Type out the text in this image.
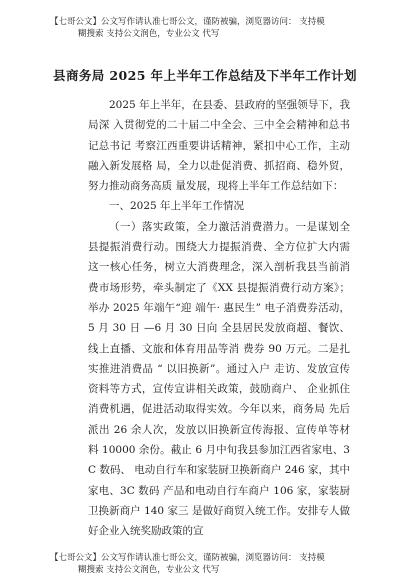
【七哥公文】公文写作请认准七哥公文，谨防被骗，浏览器访问： 支持模
糊搜索 支持公文润色，专业公文 代写
县商务局 2025 年上半年工作总结及下半年工作计划

2025 年上半年，在县委、县政府的坚强领导下，我局深 入贯彻党的二十届二中全会、三中全会精神和总书记总书记 考察江西重要讲话精神，紧扣中心工作，主动融入新发展格 局，全力以赴促消费、抓招商、稳外贸，努力推动商务高质 量发展，现将上半年工作总结如下：

一、2025 年上半年工作情况

（一）落实政策，全力激活消费潜力。一是谋划全县提振消费行动。围绕大力提振消费、全方位扩大内需这一核心任务，树立大消费理念，深入剖析我县当前消费市场形势，牵头制定了《XX 县提振消费行动方案》；举办 2025 年端午“迎 端午· 惠民生” 电子消费券活动，5 月 30 日 —6 月 30 日向 全县居民发放商超、餐饮、线上直播、文旅和体育用品等消 费券 90 万元。二是扎实推进消费品 “ 以旧换新”。通过入户 走访、发放宣传资料等方式，宣传宣讲相关政策，鼓励商户、 企业抓住消费机遇，促进活动取得实效。今年以来，商务局 先后派出 26 余人次，发放以旧换新宣传海报、宣传单等材 料 10000 余份。截止 6 月中旬我县参加江西省家电、3C 数码、 电动自行车和家装厨卫换新商户 246 家，其中家电、3C 数码 产品和电动自行车商户 106 家，家装厨卫换新商户 140 家三 是做好商贸入统工作。安排专人做好企业入统奖励政策的宣

【七哥公文】公文写作请认准七哥公文，谨防被骗，浏览器访问： 支持模
糊搜索 支持公文润色，专业公文 代写
